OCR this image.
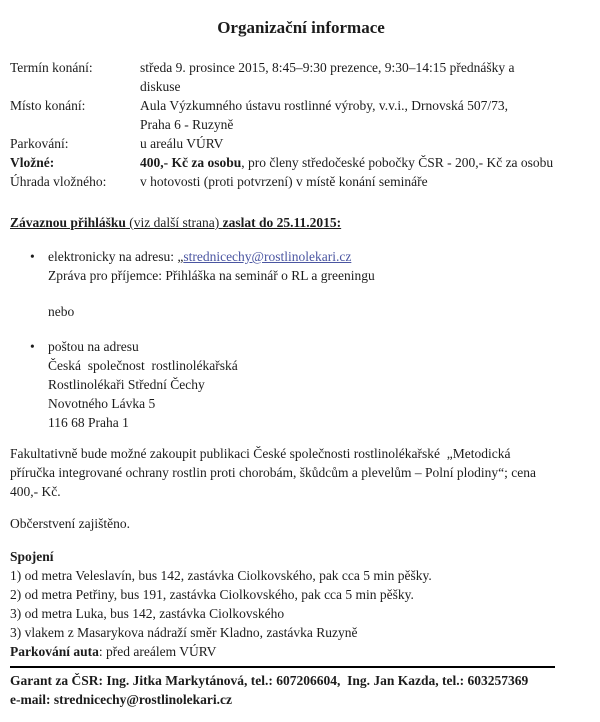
Organizační informace
Termín konání:	středa 9. prosince 2015, 8:45–9:30 prezence, 9:30–14:15 přednášky a
diskuse
Místo konání:	Aula Výzkumného ústavu rostlinné výroby, v.v.i., Drnovská 507/73,
Praha 6 - Ruzyně
Parkování:	u areálu VÚRV
Vložné:	400,- Kč za osobu, pro členy středočeské pobočky ČSR - 200,- Kč za osobu
Úhrada vložného:	v hotovosti (proti potvrzení) v místě konání semináře
Závaznou přihlášku (viz další strana) zaslat do 25.11.2015:
• elektronicky na adresu: „strednicechy@rostlinolekari.cz
Zpráva pro příjemce: Přihláška na seminář o RL a greeningu
nebo
• poštou na adresu
Česká  společnost  rostlinolékařská
Rostlinolékaři Střední Čechy
Novotného Lávka 5
116 68 Praha 1
Fakultativně bude možné zakoupit publikaci České společnosti rostlinolékařské  „Metodická
příručka integrované ochrany rostlin proti chorobám, škůdcům a plevelům – Polní plodiny“; cena
400,- Kč.
Občerstvení zajištěno.
Spojení
1) od metra Veleslavín, bus 142, zastávka Ciolkovského, pak cca 5 min pěšky.
2) od metra Petřiny, bus 191, zastávka Ciolkovského, pak cca 5 min pěšky.
3) od metra Luka, bus 142, zastávka Ciolkovského
3) vlakem z Masarykova nádraží směr Kladno, zastávka Ruzyně
Parkování auta: před areálem VÚRV
Garant za ČSR: Ing. Jitka Markytánová, tel.: 607206604,  Ing. Jan Kazda, tel.: 603257369
e-mail: strednicechy@rostlinolekari.cz
